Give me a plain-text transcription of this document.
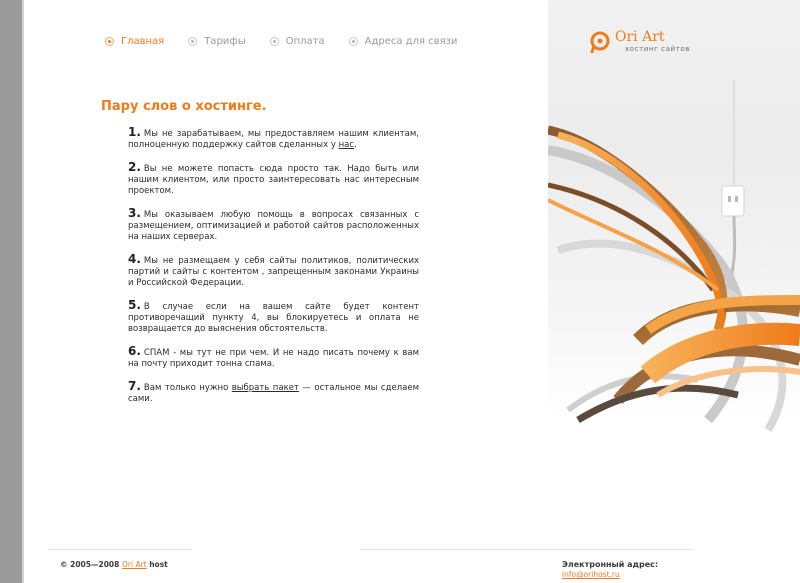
Главная	Тарифы	Оплата	Адреса для связи	Ori Art
хостинг сайтов
Пару слов о хостинге.

1. Мы не зарабатываем, мы предоставляем нашим клиентам, полноценную поддержку сайтов сделанных у нас.

2. Вы не можете попасть сюда просто так. Надо быть или нашим клиентом, или просто заинтересовать нас интересным проектом.

3. Мы оказываем любую помощь в вопросах связанных с размещением, оптимизацией и работой сайтов расположенных на наших серверах.

4. Мы не размещаем у себя сайты политиков, политических партий и сайты с контентом , запрещенным законами Украины и Российской Федерации.

5. В случае если на вашем сайте будет контент противоречащий пункту 4, вы блокируетесь и оплата не возвращается до выяснения обстоятельств.

6. СПАМ - мы тут не при чем. И не надо писать почему к вам на почту приходит тонна спама.

7. Вам только нужно выбрать пакет — остальное мы сделаем сами.

© 2005—2008 Ori Art host	Электронный адрес:
info@orihost.ru
